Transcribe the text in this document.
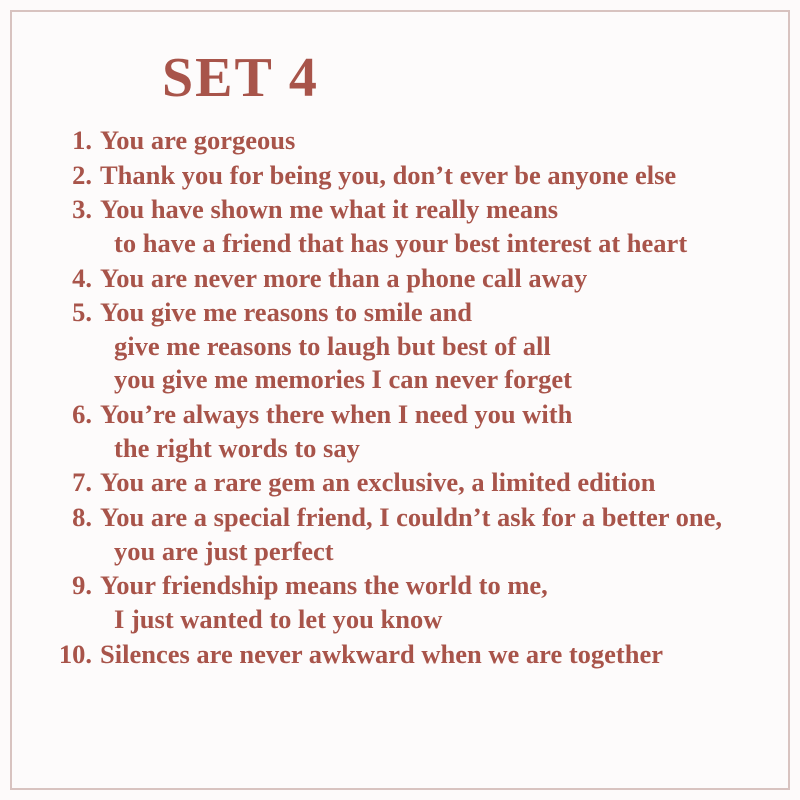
SET 4
1. You are gorgeous
2. Thank you for being you, don’t ever be anyone else
3. You have shown me what it really means
to have a friend that has your best interest at heart
4. You are never more than a phone call away
5. You give me reasons to smile and
give me reasons to laugh but best of all
you give me memories I can never forget
6. You’re always there when I need you with
the right words to say
7. You are a rare gem an exclusive, a limited edition
8. You are a special friend, I couldn’t ask for a better one,
you are just perfect
9. Your friendship means the world to me,
I just wanted to let you know
10. Silences are never awkward when we are together
